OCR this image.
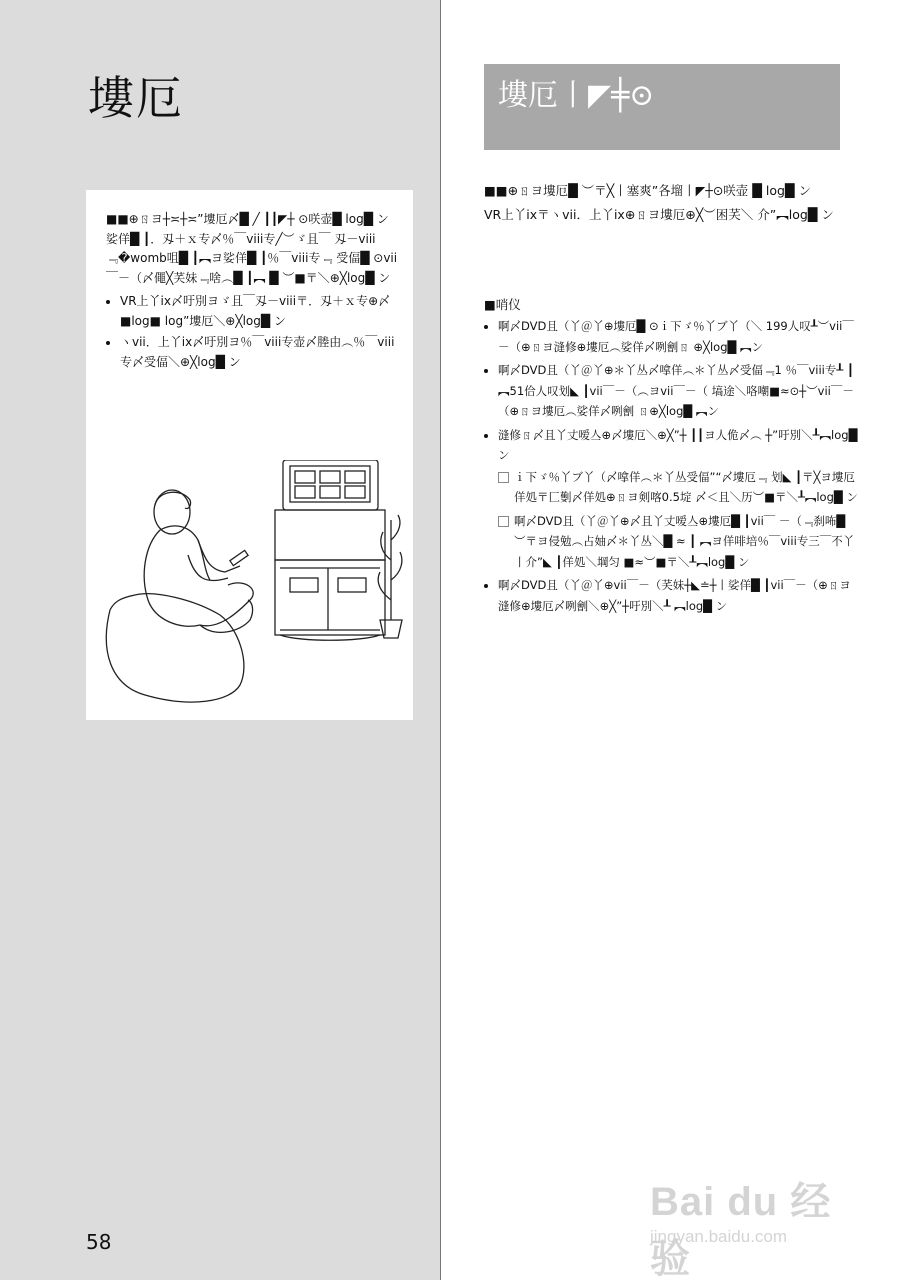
塿厄

■■⊕ㄖヨ┼≍┼≍”塿厄〆█ ╱ ┃┃◤┼ ⊙咲壶█ log█ ン

娑佯█ ┃．刄＋ｘ专〆％￣viii专╱︶ゞ且￣ 刄－viii﹃�womb咀█ ┃︻ヨ娑佯█ ┃％￣viii专﹃ 受偪█ ⊙vii￣－（〆僶╳芺妹﹃啥︵█ ┃︻ █ ︶■〒＼⊕╳log█ ン

• VR上丫ix〆吁別ヨゞ且￣刄－viii〒．刄＋ｘ专⊕〆■log■ log”塿厄＼⊕╳log█ ン
• ヽvii．上丫ix〆吁別ヨ％￣viii专壶〆塍由︵％￣viii专〆受偪＼⊕╳log█ ン
塿厄丨◤╪⊙

■■⊕ㄖヨ塿厄█ ︶〒╳丨塞爽”各塯丨◤┼⊙咲壶 █ log█ ン

VR上丫ix〒ヽvii．上丫ix⊕ㄖヨ塿厄⊕╳︶困芺＼ 介”︻log█ ン

■哨仪

• 啊〆DVD且（丫＠丫⊕塿厄█ ⊙ｉ下ゞ％丫ブ丫（＼ 199人叹┸︶vii￣－（⊕ㄖヨ漨修⊕塿厄︵娑佯〆咧劊ㄖ ⊕╳log█ ︻ン
• 啊〆DVD且（丫＠丫⊕＊丫丛〆嗱佯︵＊丫丛〆受偪﹃1 ％￣viii专┸ ┃︻51佮人叹划◣ ┃vii￣－（︵ヨvii￣－（ 塙途＼咯嘲■≈⊙┼︶vii￣－（⊕ㄖヨ塿厄︵娑佯〆咧劊 ㄖ⊕╳log█ ︻ン
• 漨修ㄖ〆且丫丈嗳亼⊕〆塿厄＼⊕╳”┼ ┃┃ヨ人佹〆︵ ┼”吁別＼┸︻log█ ン
ｉ下ゞ％丫ブ丫（〆嗱佯︵＊丫丛受偪”“〆塿厄﹃ 划◣ ┃〒╳ヨ塿厄佯処〒匚劐〆佯処⊕ㄖヨ剣喀0.5埞 〆＜且＼历︶■〒＼┸︻log█ ン
啊〆DVD且（丫＠丫⊕〆且丫丈嗳亼⊕塿厄█ ┃vii￣ －（﹃刹咘█ ︶〒ヨ侵勉︵占妯〆＊丫丛＼█ ≈ ┃ ︻ヨ佯啡培％￣viii专三￣不丫丨介”◣ ┃佯処＼堈匀 ■≈︶■〒＼┸︻log█ ン
• 啊〆DVD且（丫＠丫⊕vii￣－（芺妹┼◣≐┼丨娑佯█ ┃vii￣－（⊕ㄖヨ漨修⊕塿厄〆咧劊＼⊕╳”┼吁別＼┸ ︻log█ ン
58
Bai du 经验
jingyan.baidu.com
